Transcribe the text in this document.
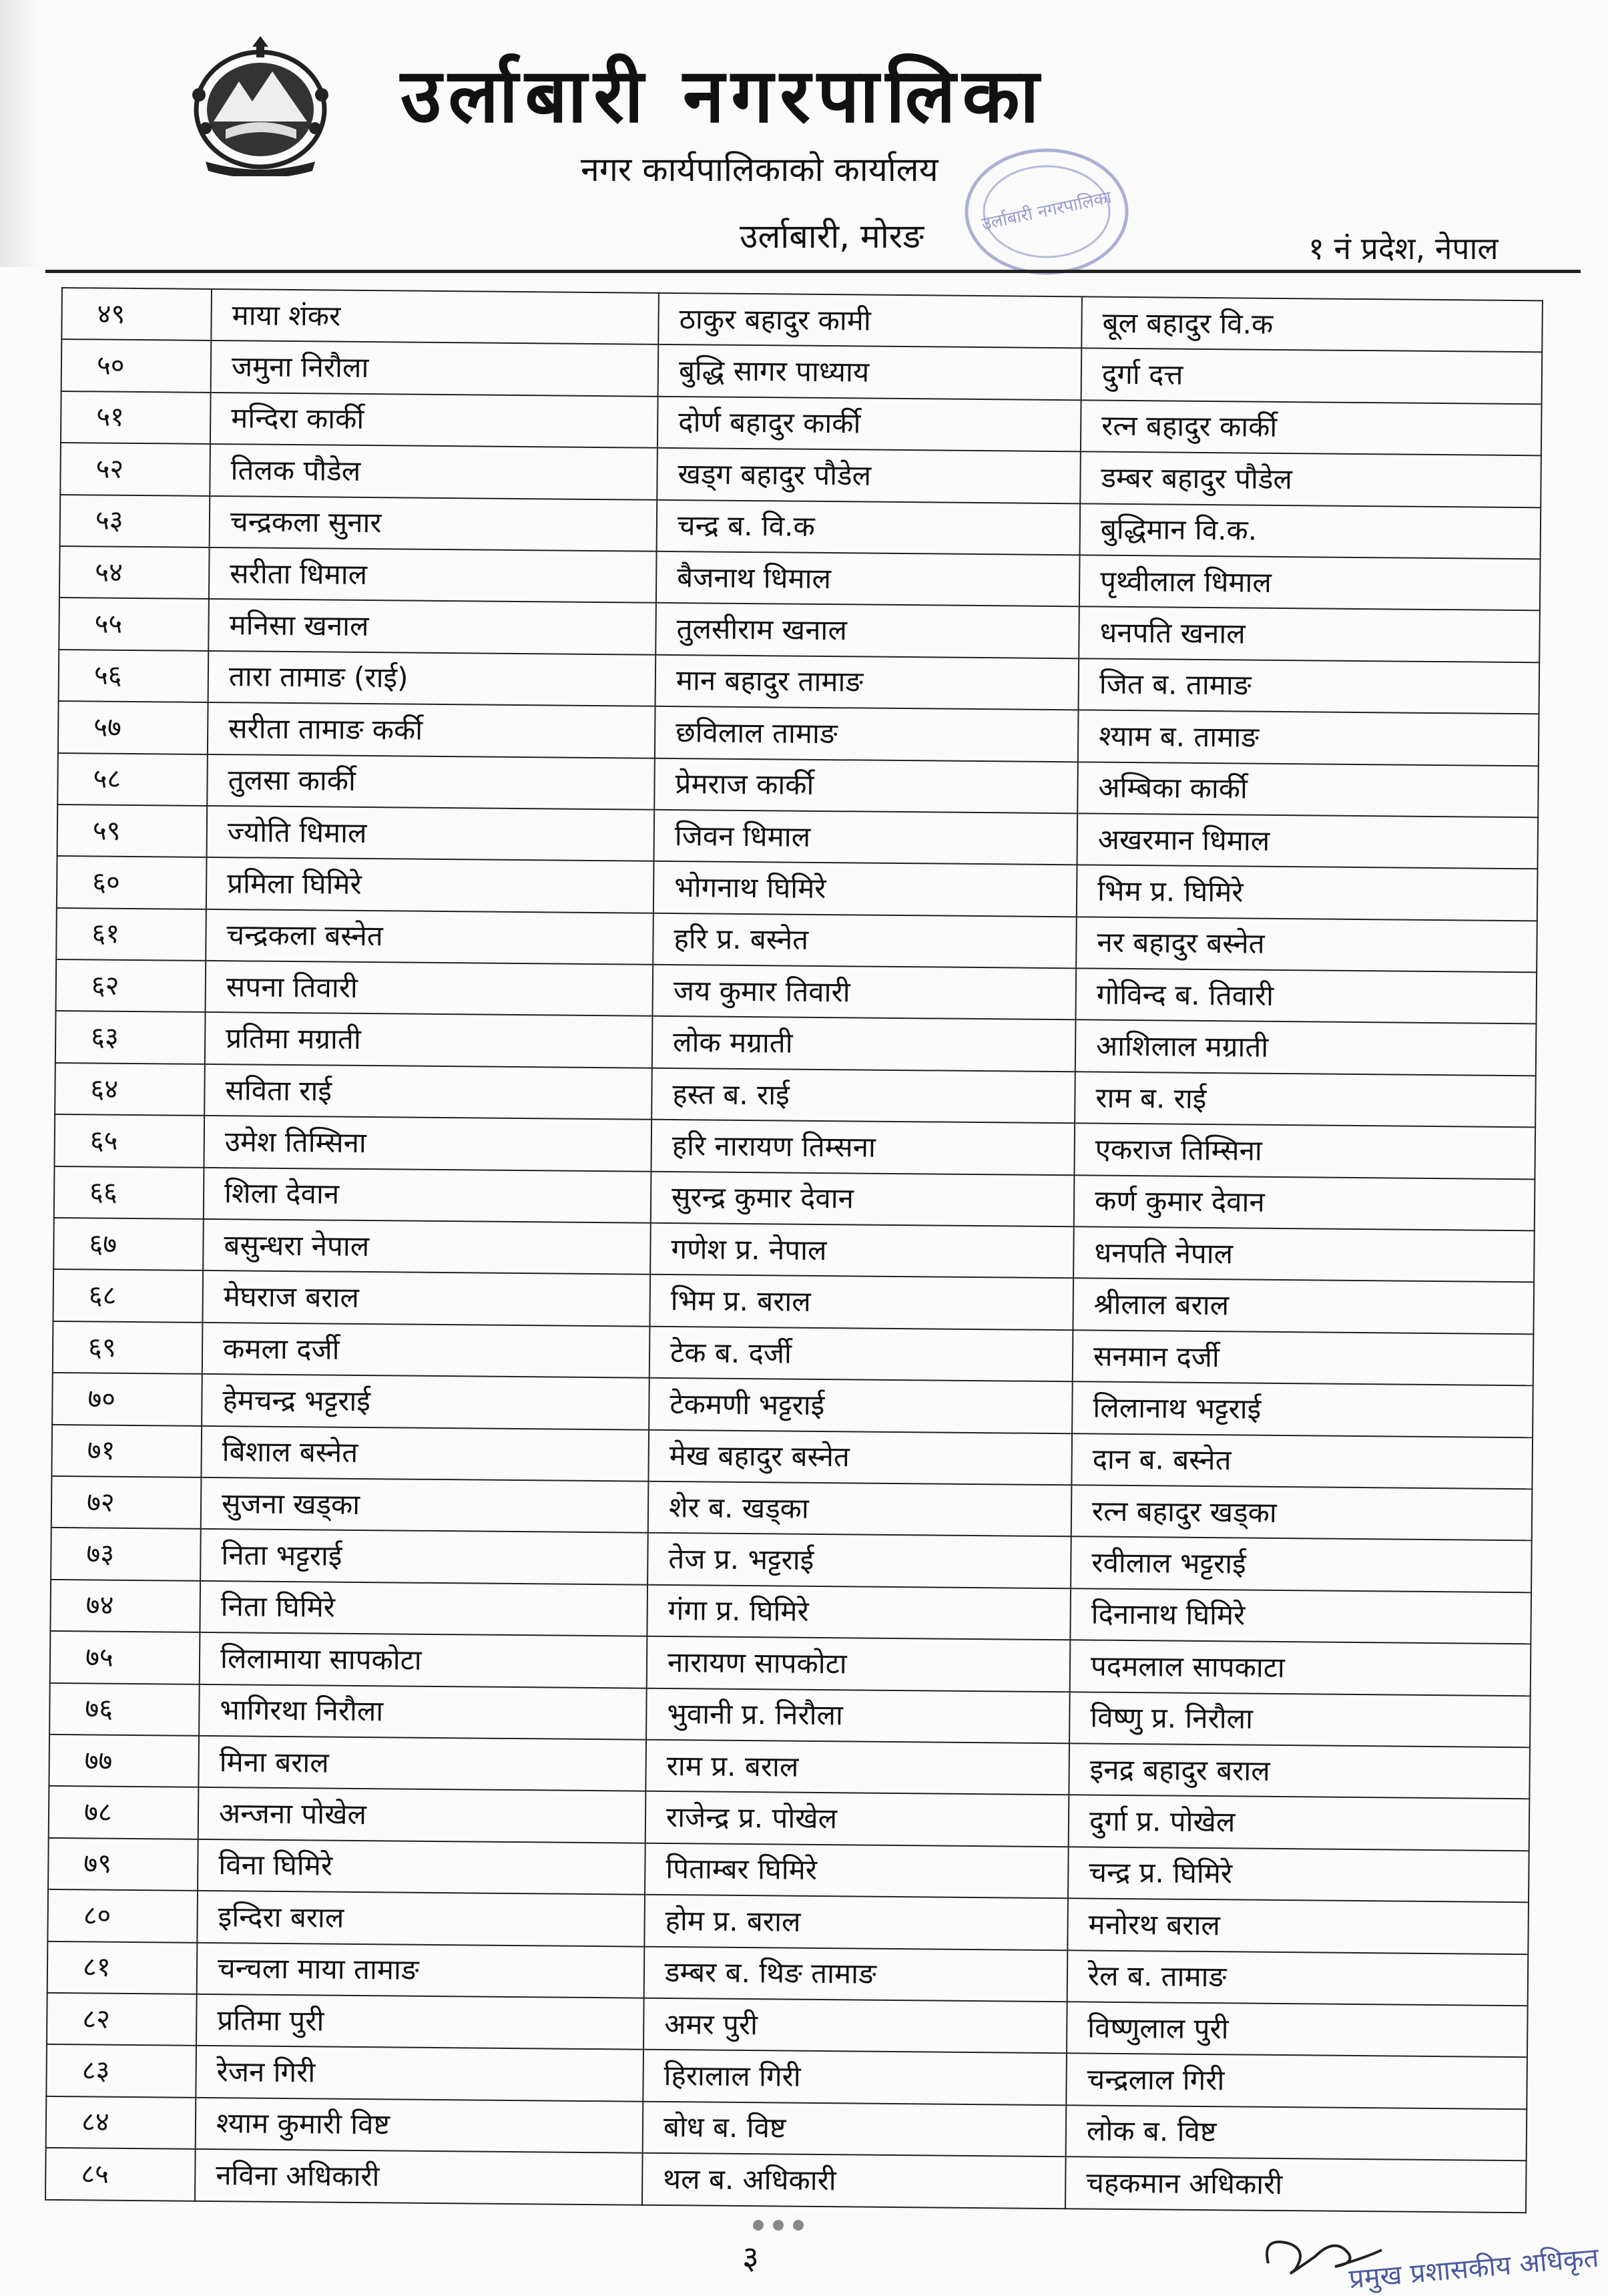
उर्लाबारी नगरपालिका
नगर कार्यपालिकाको कार्यालय
उर्लाबारी, मोरङ	१ नं प्रदेश, नेपाल
उर्लाबारी नगरपालिका
४९	माया शंकर	ठाकुर बहादुर कामी	बूल बहादुर वि.क
५०	जमुना निरौला	बुद्धि सागर पाध्याय	दुर्गा दत्त
५१	मन्दिरा कार्की	दोर्ण बहादुर कार्की	रत्न बहादुर कार्की
५२	तिलक पौडेल	खड्ग बहादुर पौडेल	डम्बर बहादुर पौडेल
५३	चन्द्रकला सुनार	चन्द्र ब. वि.क	बुद्धिमान वि.क.
५४	सरीता धिमाल	बैजनाथ धिमाल	पृथ्वीलाल धिमाल
५५	मनिसा खनाल	तुलसीराम खनाल	धनपति खनाल
५६	तारा तामाङ (राई)	मान बहादुर तामाङ	जित ब. तामाङ
५७	सरीता तामाङ कर्की	छविलाल तामाङ	श्याम ब. तामाङ
५८	तुलसा कार्की	प्रेमराज कार्की	अम्बिका कार्की
५९	ज्योति धिमाल	जिवन धिमाल	अखरमान धिमाल
६०	प्रमिला घिमिरे	भोगनाथ घिमिरे	भिम प्र. घिमिरे
६१	चन्द्रकला बस्नेत	हरि प्र. बस्नेत	नर बहादुर बस्नेत
६२	सपना तिवारी	जय कुमार तिवारी	गोविन्द ब. तिवारी
६३	प्रतिमा मग्राती	लोक मग्राती	आशिलाल मग्राती
६४	सविता राई	हस्त ब. राई	राम ब. राई
६५	उमेश तिम्सिना	हरि नारायण तिम्सना	एकराज तिम्सिना
६६	शिला देवान	सुरन्द्र कुमार देवान	कर्ण कुमार देवान
६७	बसुन्धरा नेपाल	गणेश प्र. नेपाल	धनपति नेपाल
६८	मेघराज बराल	भिम प्र. बराल	श्रीलाल बराल
६९	कमला दर्जी	टेक ब. दर्जी	सनमान दर्जी
७०	हेमचन्द्र भट्टराई	टेकमणी भट्टराई	लिलानाथ भट्टराई
७१	बिशाल बस्नेत	मेख बहादुर बस्नेत	दान ब. बस्नेत
७२	सुजना खड्का	शेर ब. खड्का	रत्न बहादुर खड्का
७३	निता भट्टराई	तेज प्र. भट्टराई	रवीलाल भट्टराई
७४	निता घिमिरे	गंगा प्र. घिमिरे	दिनानाथ घिमिरे
७५	लिलामाया सापकोटा	नारायण सापकोटा	पदमलाल सापकाटा
७६	भागिरथा निरौला	भुवानी प्र. निरौला	विष्णु प्र. निरौला
७७	मिना बराल	राम प्र. बराल	इनद्र बहादुर बराल
७८	अन्जना पोखेल	राजेन्द्र प्र. पोखेल	दुर्गा प्र. पोखेल
७९	विना घिमिरे	पिताम्बर घिमिरे	चन्द्र प्र. घिमिरे
८०	इन्दिरा बराल	होम प्र. बराल	मनोरथ बराल
८१	चन्चला माया तामाङ	डम्बर ब. थिङ तामाङ	रेल ब. तामाङ
८२	प्रतिमा पुरी	अमर पुरी	विष्णुलाल पुरी
८३	रेजन गिरी	हिरालाल गिरी	चन्द्रलाल गिरी
८४	श्याम कुमारी विष्ट	बोध ब. विष्ट	लोक ब. विष्ट
८५	नविना अधिकारी	थल ब. अधिकारी	चहकमान अधिकारी
३	प्रमुख प्रशासकीय अधिकृत
